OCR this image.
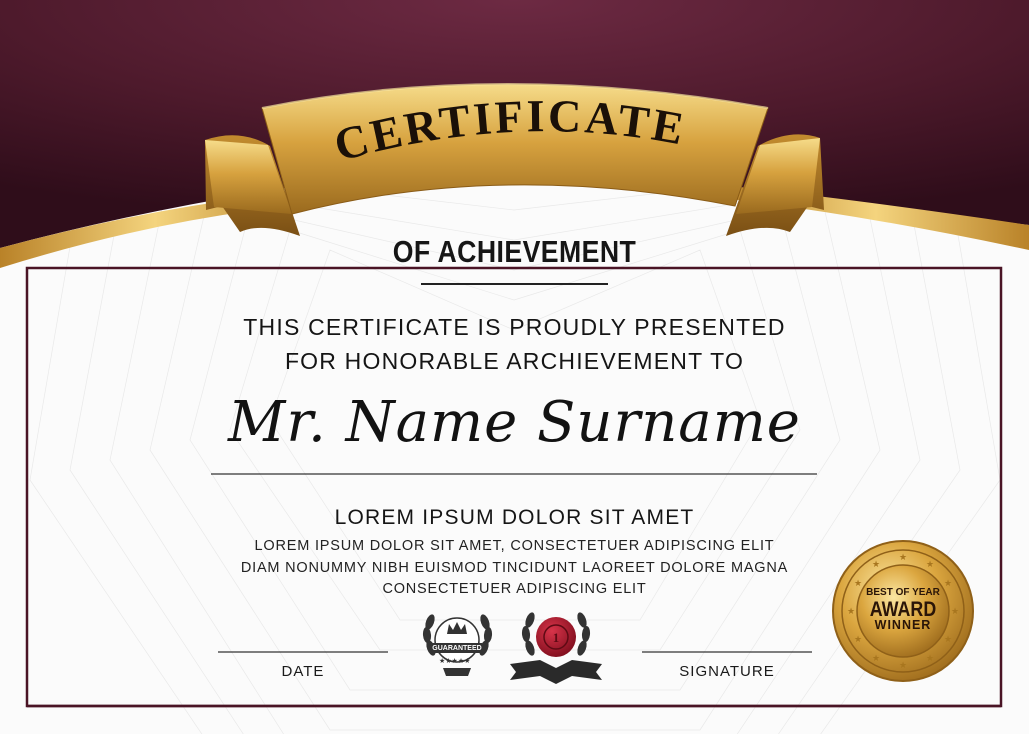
CERTIFICATE
★★★★★
1
★
★
★
★
★
★
★
★
★
★
★
★
OF ACHIEVEMENT
THIS CERTIFICATE IS PROUDLY PRESENTED
FOR HONORABLE ARCHIEVEMENT TO
Mr. Name Surname
LOREM IPSUM DOLOR SIT AMET
LOREM IPSUM DOLOR SIT AMET, CONSECTETUER ADIPISCING ELIT
DIAM NONUMMY NIBH EUISMOD TINCIDUNT LAOREET DOLORE MAGNA
CONSECTETUER ADIPISCING ELIT
DATE	SIGNATURE
GUARANTEED
BEST OF YEAR
AWARD
WINNER
